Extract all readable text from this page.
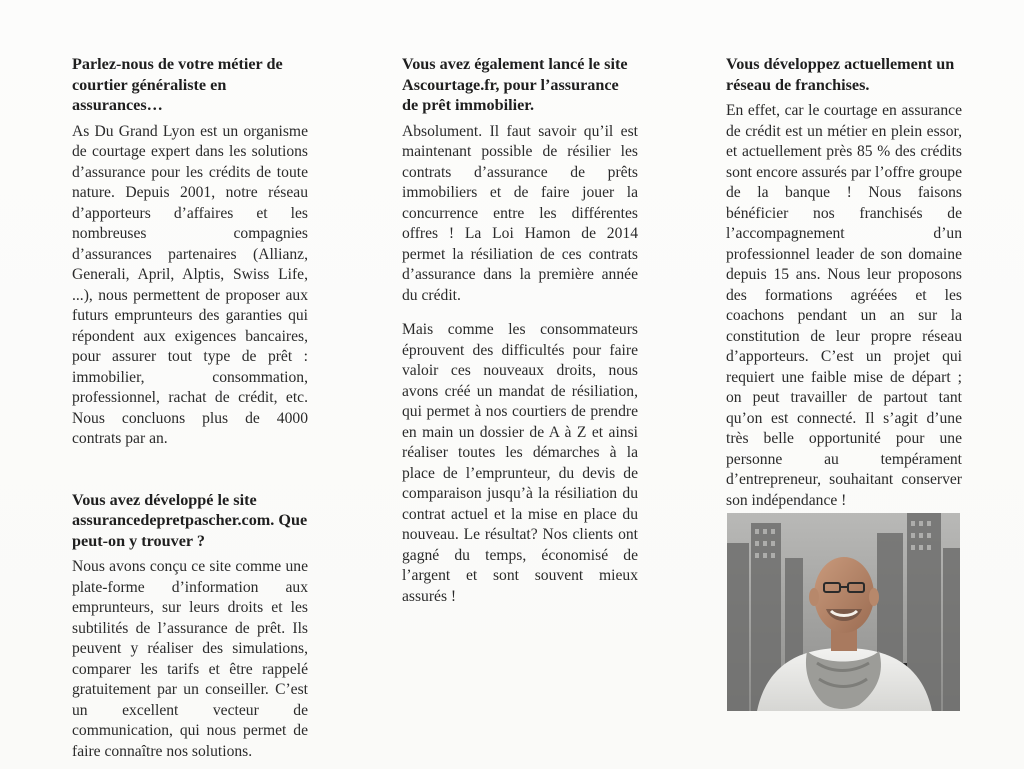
Parlez-nous de votre métier de courtier généraliste en assurances…

As Du Grand Lyon est un organisme de courtage expert dans les solutions d’assurance pour les crédits de toute nature. Depuis 2001, notre réseau d’apporteurs d’affaires et les nombreuses compagnies d’assurances partenaires (Allianz, Generali, April, Alptis, Swiss Life, ...), nous permettent de proposer aux futurs emprunteurs des garanties qui répondent aux exigences bancaires, pour assurer tout type de prêt : immobilier, consommation, professionnel, rachat de crédit, etc. Nous concluons plus de 4000 contrats par an.

Vous avez développé le site assurancedepretpascher.com. Que peut-on y trouver ?

Nous avons conçu ce site comme une plate-forme d’information aux emprunteurs, sur leurs droits et les subtilités de l’assurance de prêt. Ils peuvent y réaliser des simulations, comparer les tarifs et être rappelé gratuitement par un conseiller. C’est un excellent vecteur de communication, qui nous permet de faire connaître nos solutions.

Vous avez également lancé le site Ascourtage.fr, pour l’assurance de prêt immobilier.

Absolument. Il faut savoir qu’il est maintenant possible de résilier les contrats d’assurance de prêts immobiliers et de faire jouer la concurrence entre les différentes offres ! La Loi Hamon de 2014 permet la résiliation de ces contrats d’assurance dans la première année du crédit.

Mais comme les consommateurs éprouvent des difficultés pour faire valoir ces nouveaux droits, nous avons créé un mandat de résiliation, qui permet à nos courtiers de prendre en main un dossier de A à Z et ainsi réaliser toutes les démarches à la place de l’emprunteur, du devis de comparaison jusqu’à la résiliation du contrat actuel et la mise en place du nouveau. Le résultat? Nos clients ont gagné du temps, économisé de l’argent et sont souvent mieux assurés !

Vous développez actuellement un réseau de franchises.

En effet, car le courtage en assurance de crédit est un métier en plein essor, et actuellement près 85 % des crédits sont encore assurés par l’offre groupe de la banque ! Nous faisons bénéficier nos franchisés de l’accompagnement d’un professionnel leader de son domaine depuis 15 ans. Nous leur proposons des formations agréées et les coachons pendant un an sur la constitution de leur propre réseau d’apporteurs. C’est un projet qui requiert une faible mise de départ ; on peut travailler de partout tant qu’on est connecté. Il s’agit d’une très belle opportunité pour une personne au tempérament d’entrepreneur, souhaitant conserver son indépendance !
